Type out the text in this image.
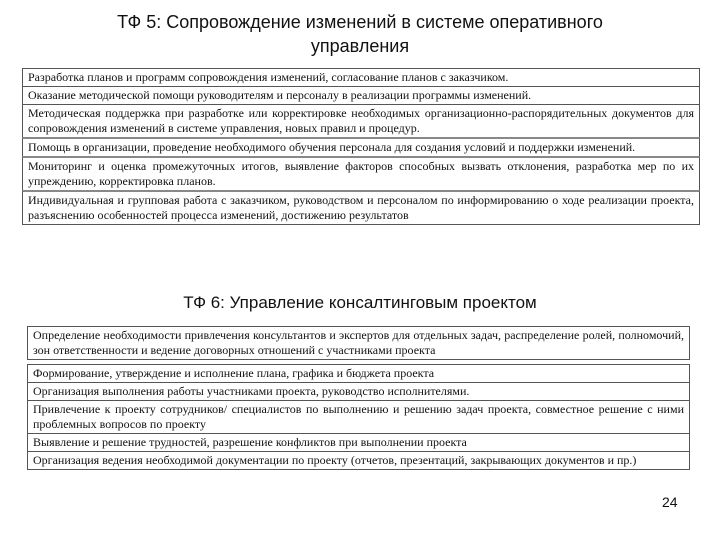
ТФ 5: Сопровождение изменений в системе оперативного
управления
Разработка планов и программ сопровождения изменений, согласование планов с заказчиком.
Оказание методической помощи руководителям и персоналу в реализации программы изменений.
Методическая поддержка при разработке или корректировке необходимых организационно-распорядительных документов для сопровождения изменений в системе управления, новых правил и процедур.
Помощь в организации, проведение необходимого обучения персонала для создания условий и поддержки изменений.
Мониторинг и оценка промежуточных итогов, выявление факторов способных вызвать отклонения, разработка мер по их упреждению, корректировка планов.
Индивидуальная и групповая работа с заказчиком, руководством и персоналом по информированию о ходе реализации проекта, разъяснению особенностей процесса изменений, достижению результатов
ТФ 6: Управление консалтинговым проектом
Определение необходимости привлечения консультантов и экспертов для отдельных задач, распределение ролей, полномочий, зон ответственности и ведение договорных отношений с участниками проекта
Формирование, утверждение и исполнение плана, графика и бюджета проекта
Организация выполнения работы участниками проекта, руководство исполнителями.
Привлечение к проекту сотрудников/ специалистов по выполнению и решению задач проекта, совместное решение с ними проблемных вопросов по проекту
Выявление и решение трудностей, разрешение конфликтов при выполнении проекта
Организация ведения необходимой документации по проекту (отчетов, презентаций, закрывающих документов и пр.)
24
